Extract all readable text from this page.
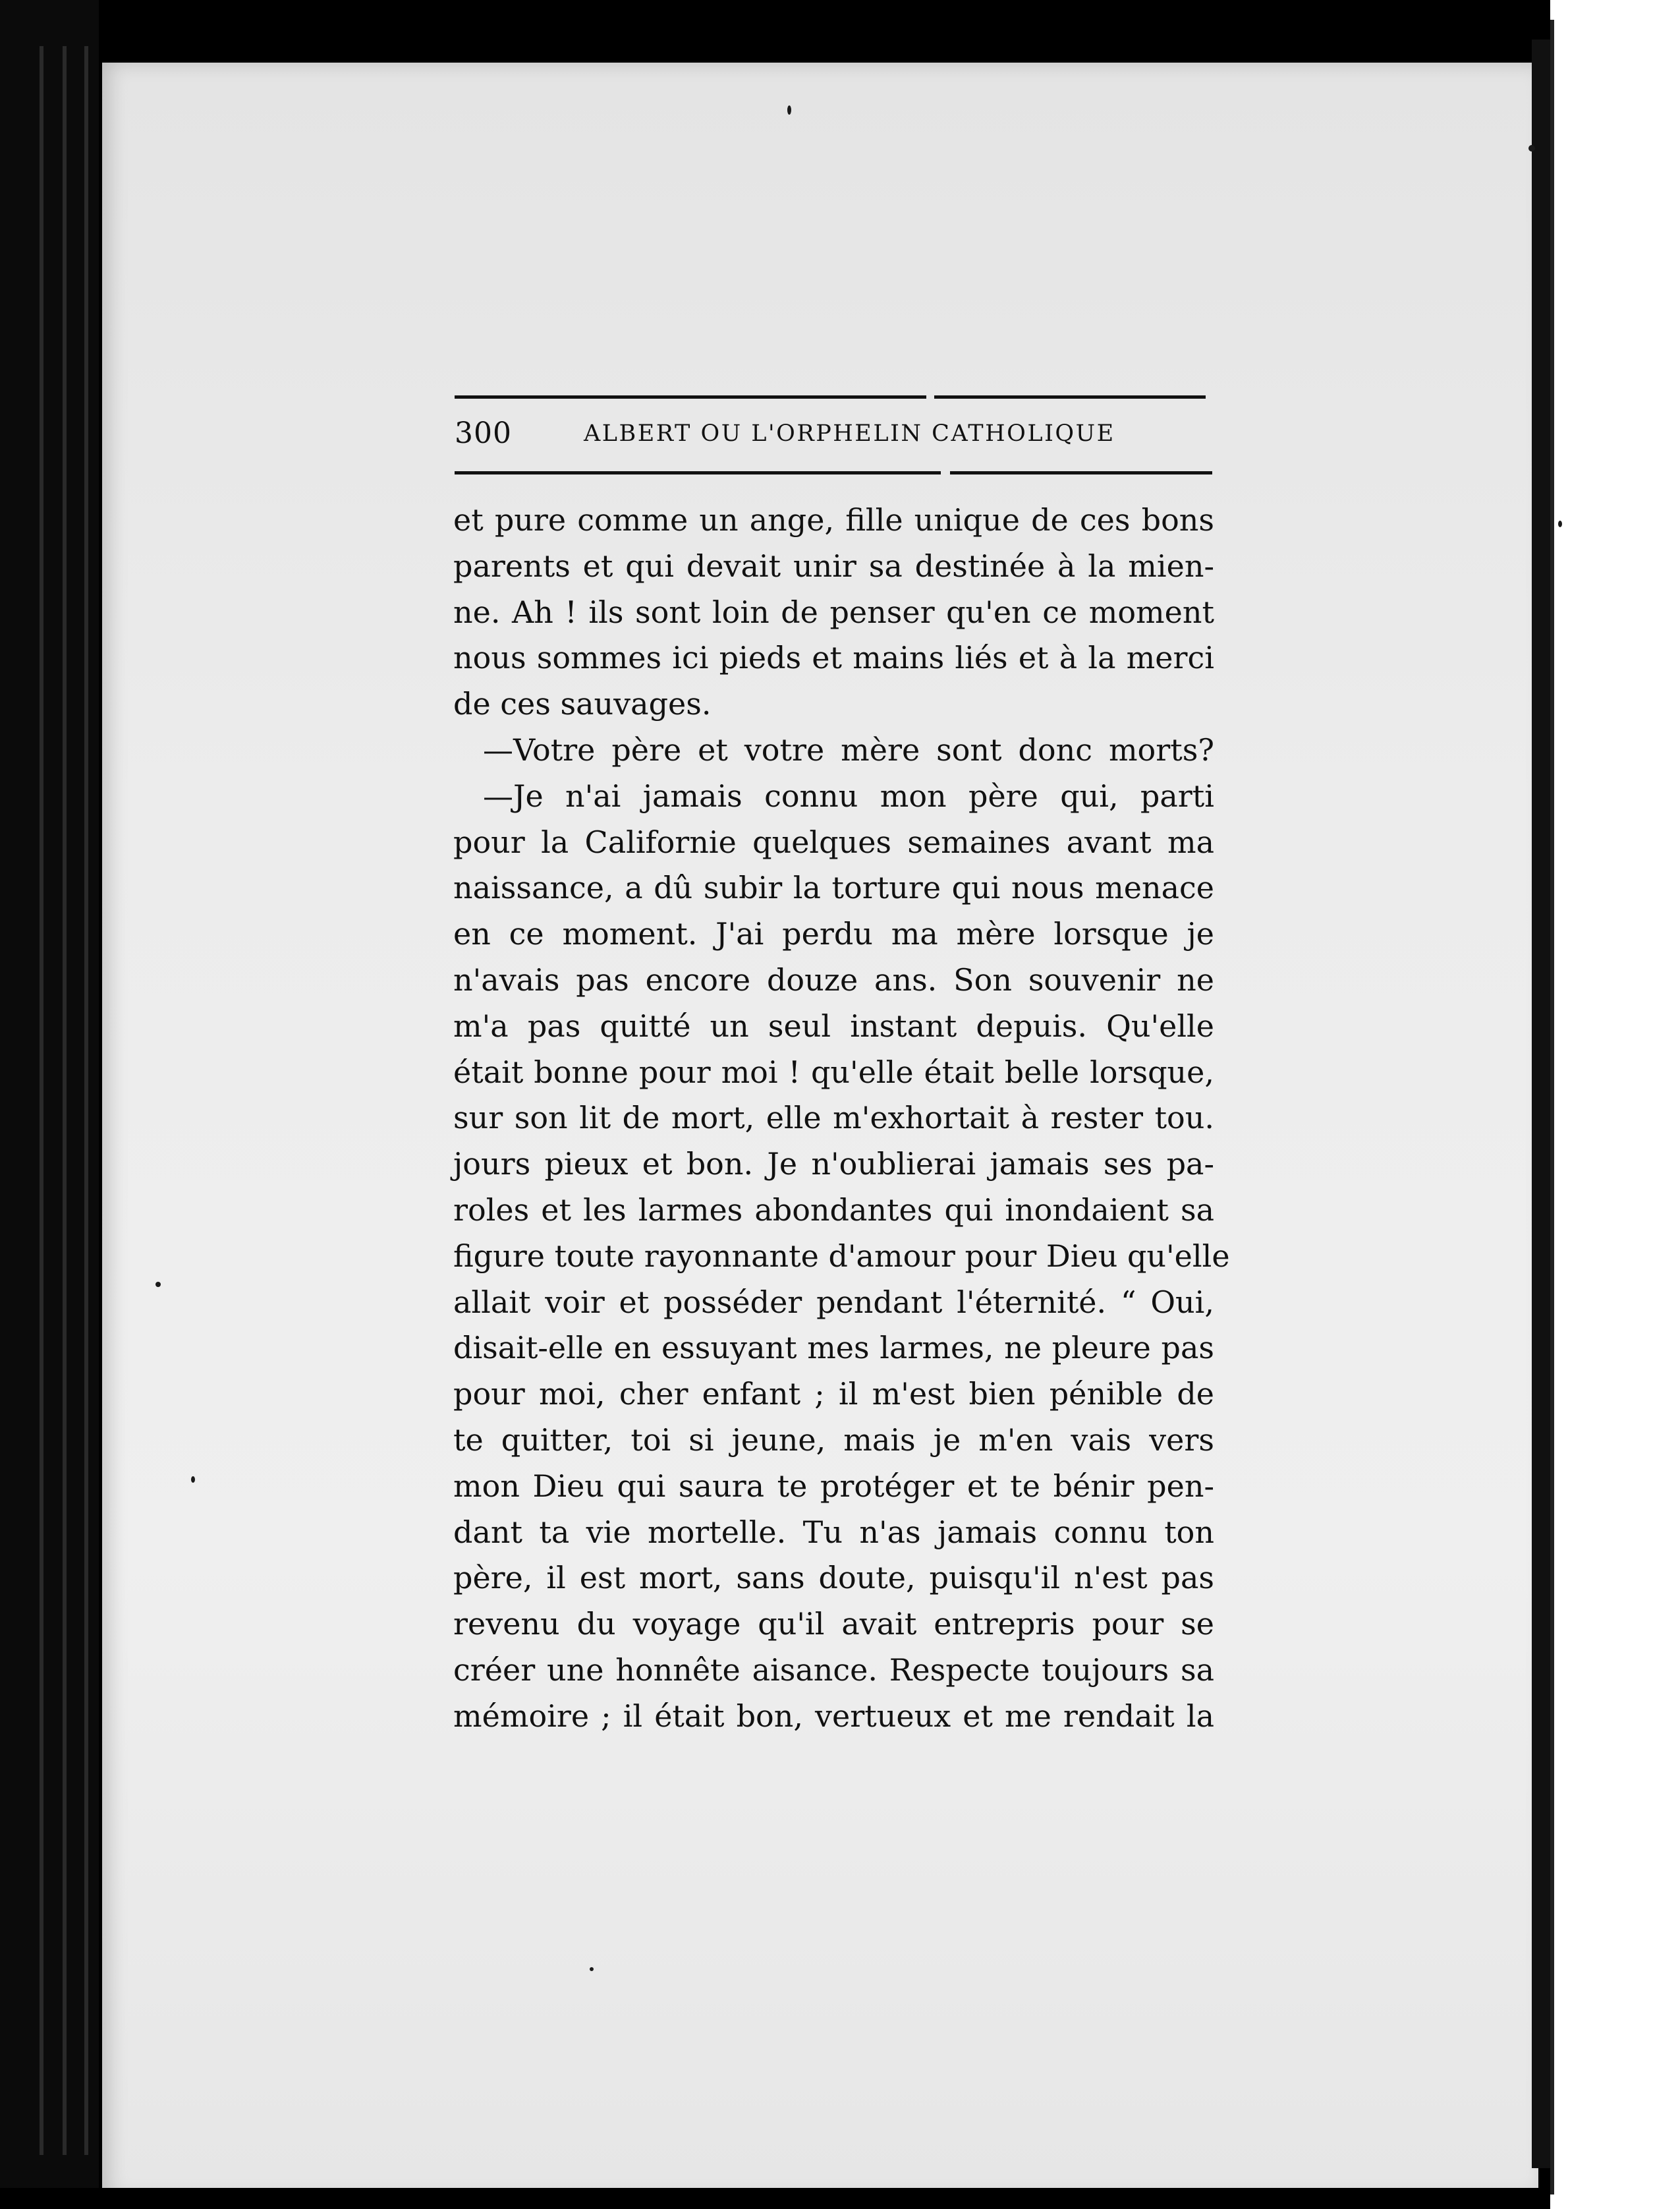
300	ALBERT OU L'ORPHELIN CATHOLIQUE
et pure comme un ange, fille unique de ces bons
parents et qui devait unir sa destinée à la mien-
ne. Ah ! ils sont loin de penser qu'en ce moment
nous sommes ici pieds et mains liés et à la merci
de ces sauvages.
—Votre père et votre mère sont donc morts?
—Je n'ai jamais connu mon père qui, parti
pour la Californie quelques semaines avant ma
naissance, a dû subir la torture qui nous menace
en ce moment. J'ai perdu ma mère lorsque je
n'avais pas encore douze ans. Son souvenir ne
m'a pas quitté un seul instant depuis. Qu'elle
était bonne pour moi ! qu'elle était belle lorsque,
sur son lit de mort, elle m'exhortait à rester tou.
jours pieux et bon. Je n'oublierai jamais ses pa-
roles et les larmes abondantes qui inondaient sa
figure toute rayonnante d'amour pour Dieu qu'elle
allait voir et posséder pendant l'éternité. “ Oui,
disait-elle en essuyant mes larmes, ne pleure pas
pour moi, cher enfant ; il m'est bien pénible de
te quitter, toi si jeune, mais je m'en vais vers
mon Dieu qui saura te protéger et te bénir pen-
dant ta vie mortelle. Tu n'as jamais connu ton
père, il est mort, sans doute, puisqu'il n'est pas
revenu du voyage qu'il avait entrepris pour se
créer une honnête aisance. Respecte toujours sa
mémoire ; il était bon, vertueux et me rendait la
